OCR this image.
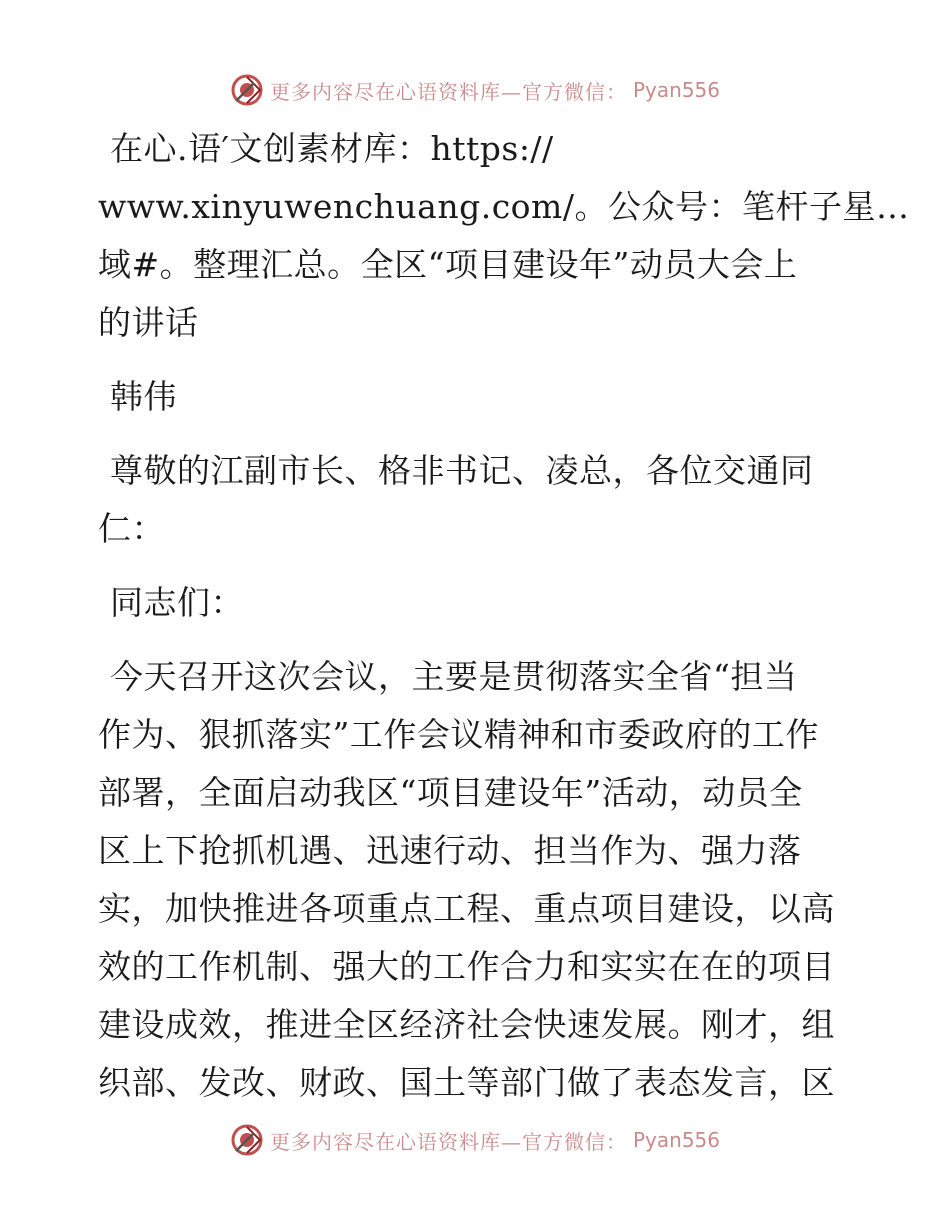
更多内容尽在心语资料库—官方微信： Pyan556
在心.语′文创素材库：https://
www.xinyuwenchuang.com/。公众号：笔杆子星…
域#。整理汇总。全区“项目建设年”动员大会上
的讲话
韩伟
尊敬的江副市长、格非书记、凌总，各位交通同
仁：
同志们：
今天召开这次会议，主要是贯彻落实全省“担当
作为、狠抓落实”工作会议精神和市委政府的工作
部署，全面启动我区“项目建设年”活动，动员全
区上下抢抓机遇、迅速行动、担当作为、强力落
实，加快推进各项重点工程、重点项目建设，以高
效的工作机制、强大的工作合力和实实在在的项目
建设成效，推进全区经济社会快速发展。刚才，组
织部、发改、财政、国土等部门做了表态发言，区
更多内容尽在心语资料库—官方微信： Pyan556
